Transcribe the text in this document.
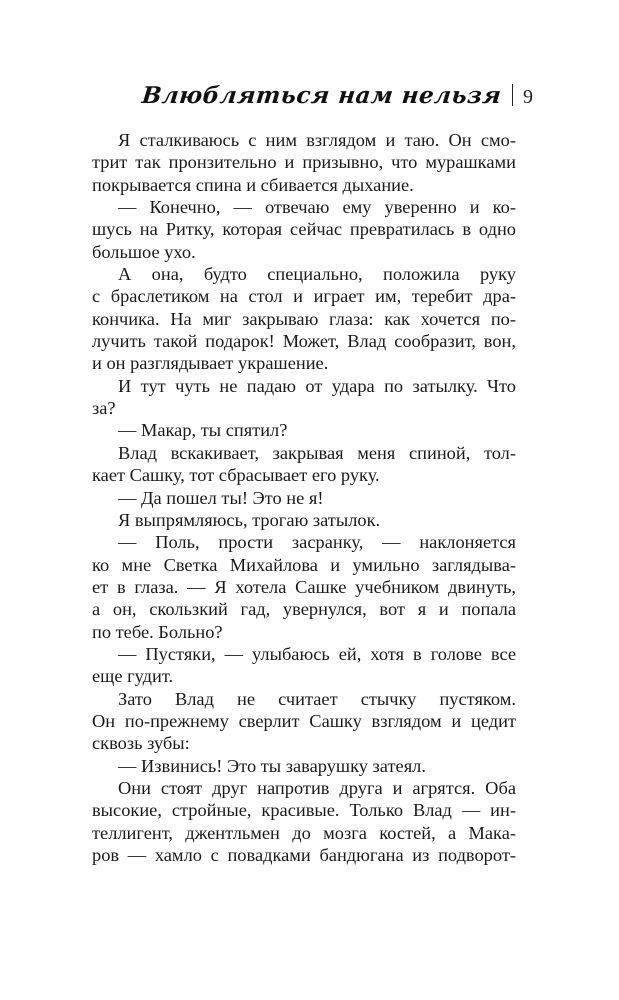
Влюбляться нам нельзя 9
Я сталкиваюсь с ним взглядом и таю. Он смо-
трит так пронзительно и призывно, что мурашками
покрывается спина и сбивается дыхание.
— Конечно, — отвечаю ему уверенно и ко-
шусь на Ритку, которая сейчас превратилась в одно
большое ухо.
А она, будто специально, положила руку
с браслетиком на стол и играет им, теребит дра-
кончика. На миг закрываю глаза: как хочется по-
лучить такой подарок! Может, Влад сообразит, вон,
и он разглядывает украшение.
И тут чуть не падаю от удара по затылку. Что
за?
— Макар, ты спятил?
Влад вскакивает, закрывая меня спиной, тол-
кает Сашку, тот сбрасывает его руку.
— Да пошел ты! Это не я!
Я выпрямляюсь, трогаю затылок.
— Поль, прости засранку, — наклоняется
ко мне Светка Михайлова и умильно заглядыва-
ет в глаза. — Я хотела Сашке учебником двинуть,
а он, скользкий гад, увернулся, вот я и попала
по тебе. Больно?
— Пустяки, — улыбаюсь ей, хотя в голове все
еще гудит.
Зато Влад не считает стычку пустяком.
Он по-прежнему сверлит Сашку взглядом и цедит
сквозь зубы:
— Извинись! Это ты заварушку затеял.
Они стоят друг напротив друга и агрятся. Оба
высокие, стройные, красивые. Только Влад — ин-
теллигент, джентльмен до мозга костей, а Мака-
ров — хамло с повадками бандюгана из подворот-
